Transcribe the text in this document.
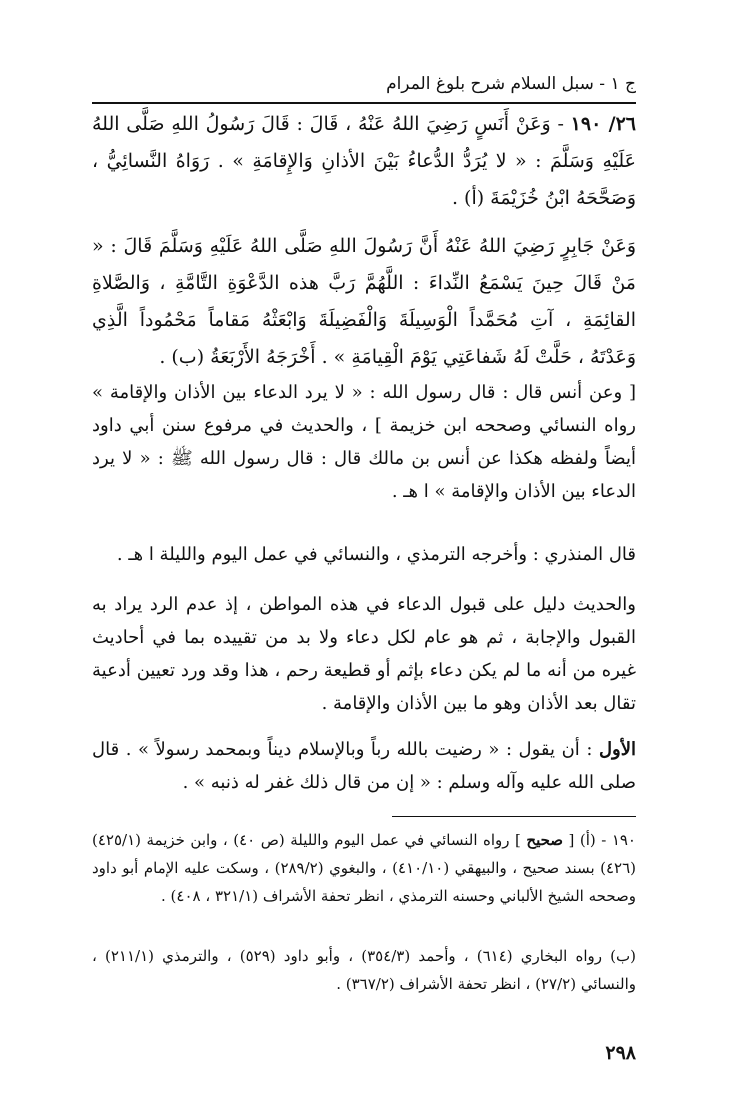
ج ١ - سبل السلام شرح بلوغ المرام

٢٦/ ١٩٠ - وَعَنْ أَنَسٍ رَضِيَ اللهُ عَنْهُ ، قَالَ : قَالَ رَسُولُ اللهِ صَلَّى اللهُ عَلَيْهِ وَسَلَّمَ : « لا يُرَدُّ الدُّعاءُ بَيْنَ الأذانِ وَالإِقامَةِ » . رَوَاهُ النَّسائِيُّ ، وَصَحَّحَهُ ابْنُ خُزَيْمَةَ (أ) .

وَعَنْ جَابِرٍ رَضِيَ اللهُ عَنْهُ أَنَّ رَسُولَ اللهِ صَلَّى اللهُ عَلَيْهِ وَسَلَّمَ قَالَ : « مَنْ قَالَ حِينَ يَسْمَعُ النِّداءَ : اللَّهُمَّ رَبَّ هذه الدَّعْوَةِ التَّامَّةِ ، وَالصَّلاةِ القائِمَةِ ، آتِ مُحَمَّداً الْوَسِيلَةَ وَالْفَضِيلَةَ وَابْعَثْهُ مَقاماً مَحْمُوداً الَّذِي وَعَدْتَهُ ، حَلَّتْ لَهُ شَفاعَتِي يَوْمَ الْقِيامَةِ » . أَخْرَجَهُ الأَرْبَعَةُ (ب) .

[ وعن أنس قال : قال رسول الله : « لا يرد الدعاء بين الأذان والإقامة » رواه النسائي وصححه ابن خزيمة ] ، والحديث في مرفوع سنن أبي داود أيضاً ولفظه هكذا عن أنس بن مالك قال : قال رسول الله ﷺ : « لا يرد الدعاء بين الأذان والإقامة » ا هـ .

قال المنذري : وأخرجه الترمذي ، والنسائي في عمل اليوم والليلة ا هـ .

والحديث دليل على قبول الدعاء في هذه المواطن ، إذ عدم الرد يراد به القبول والإجابة ، ثم هو عام لكل دعاء ولا بد من تقييده بما في أحاديث غيره من أنه ما لم يكن دعاء بإثم أو قطيعة رحم ، هذا وقد ورد تعيين أدعية تقال بعد الأذان وهو ما بين الأذان والإقامة .

الأول : أن يقول : « رضيت بالله رباً وبالإسلام ديناً وبمحمد رسولاً » . قال صلى الله عليه وآله وسلم : « إن من قال ذلك غفر له ذنبه » .

١٩٠ - (أ) [ صحيح ] رواه النسائي في عمل اليوم والليلة (ص ٤٠) ، وابن خزيمة (٤٢٥/١) (٤٢٦) بسند صحيح ، والبيهقي (٤١٠/١٠) ، والبغوي (٢٨٩/٢) ، وسكت عليه الإمام أبو داود وصححه الشيخ الألباني وحسنه الترمذي ، انظر تحفة الأشراف (٣٢١/١ ، ٤٠٨) .

(ب) رواه البخاري (٦١٤) ، وأحمد (٣٥٤/٣) ، وأبو داود (٥٢٩) ، والترمذي (٢١١/١) ، والنسائي (٢٧/٢) ، انظر تحفة الأشراف (٣٦٧/٢) .

٢٩٨
